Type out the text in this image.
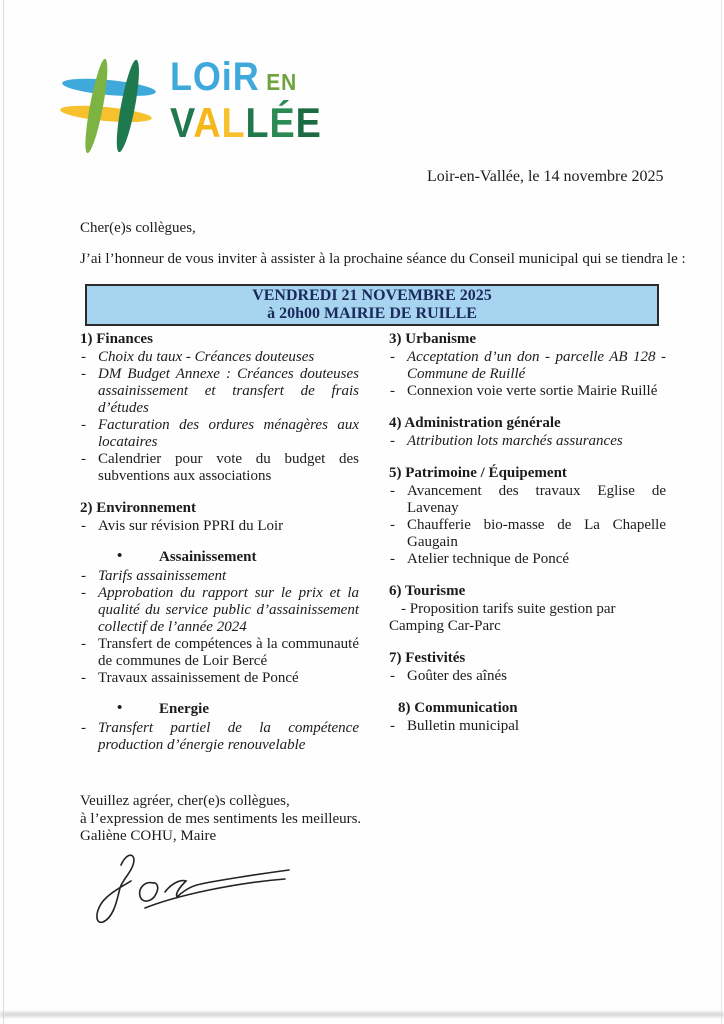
LOiR EN
VALLÉE
Loir-en-Vallée, le 14 novembre 2025
Cher(e)s collègues,
J’ai l’honneur de vous inviter à assister à la prochaine séance du Conseil municipal qui se tiendra le :
VENDREDI 21 NOVEMBRE 2025
à 20h00 MAIRIE DE RUILLE
1) Finances
- Choix du taux - Créances douteuses
- DM Budget Annexe : Créances douteuses assainissement et transfert de frais d’études
- Facturation des ordures ménagères aux locataires
- Calendrier pour vote du budget des subventions aux associations
2) Environnement
- Avis sur révision PPRI du Loir
• Assainissement
- Tarifs assainissement
- Approbation du rapport sur le prix et la qualité du service public d’assainissement collectif de l’année 2024
- Transfert de compétences à la communauté de communes de Loir Bercé
- Travaux assainissement de Poncé
• Energie
- Transfert partiel de la compétence production d’énergie renouvelable
3) Urbanisme
- Acceptation d’un don - parcelle AB 128 - Commune de Ruillé
- Connexion voie verte sortie Mairie Ruillé
4) Administration générale
- Attribution lots marchés assurances
5) Patrimoine / Équipement
- Avancement des travaux Eglise de Lavenay
- Chaufferie bio-masse de La Chapelle Gaugain
- Atelier technique de Poncé
6) Tourisme
- Proposition tarifs suite gestion par
Camping Car-Parc
7) Festivités
- Goûter des aînés
8) Communication
- Bulletin municipal
Veuillez agréer, cher(e)s collègues,
à l’expression de mes sentiments les meilleurs.
Galiène COHU, Maire
